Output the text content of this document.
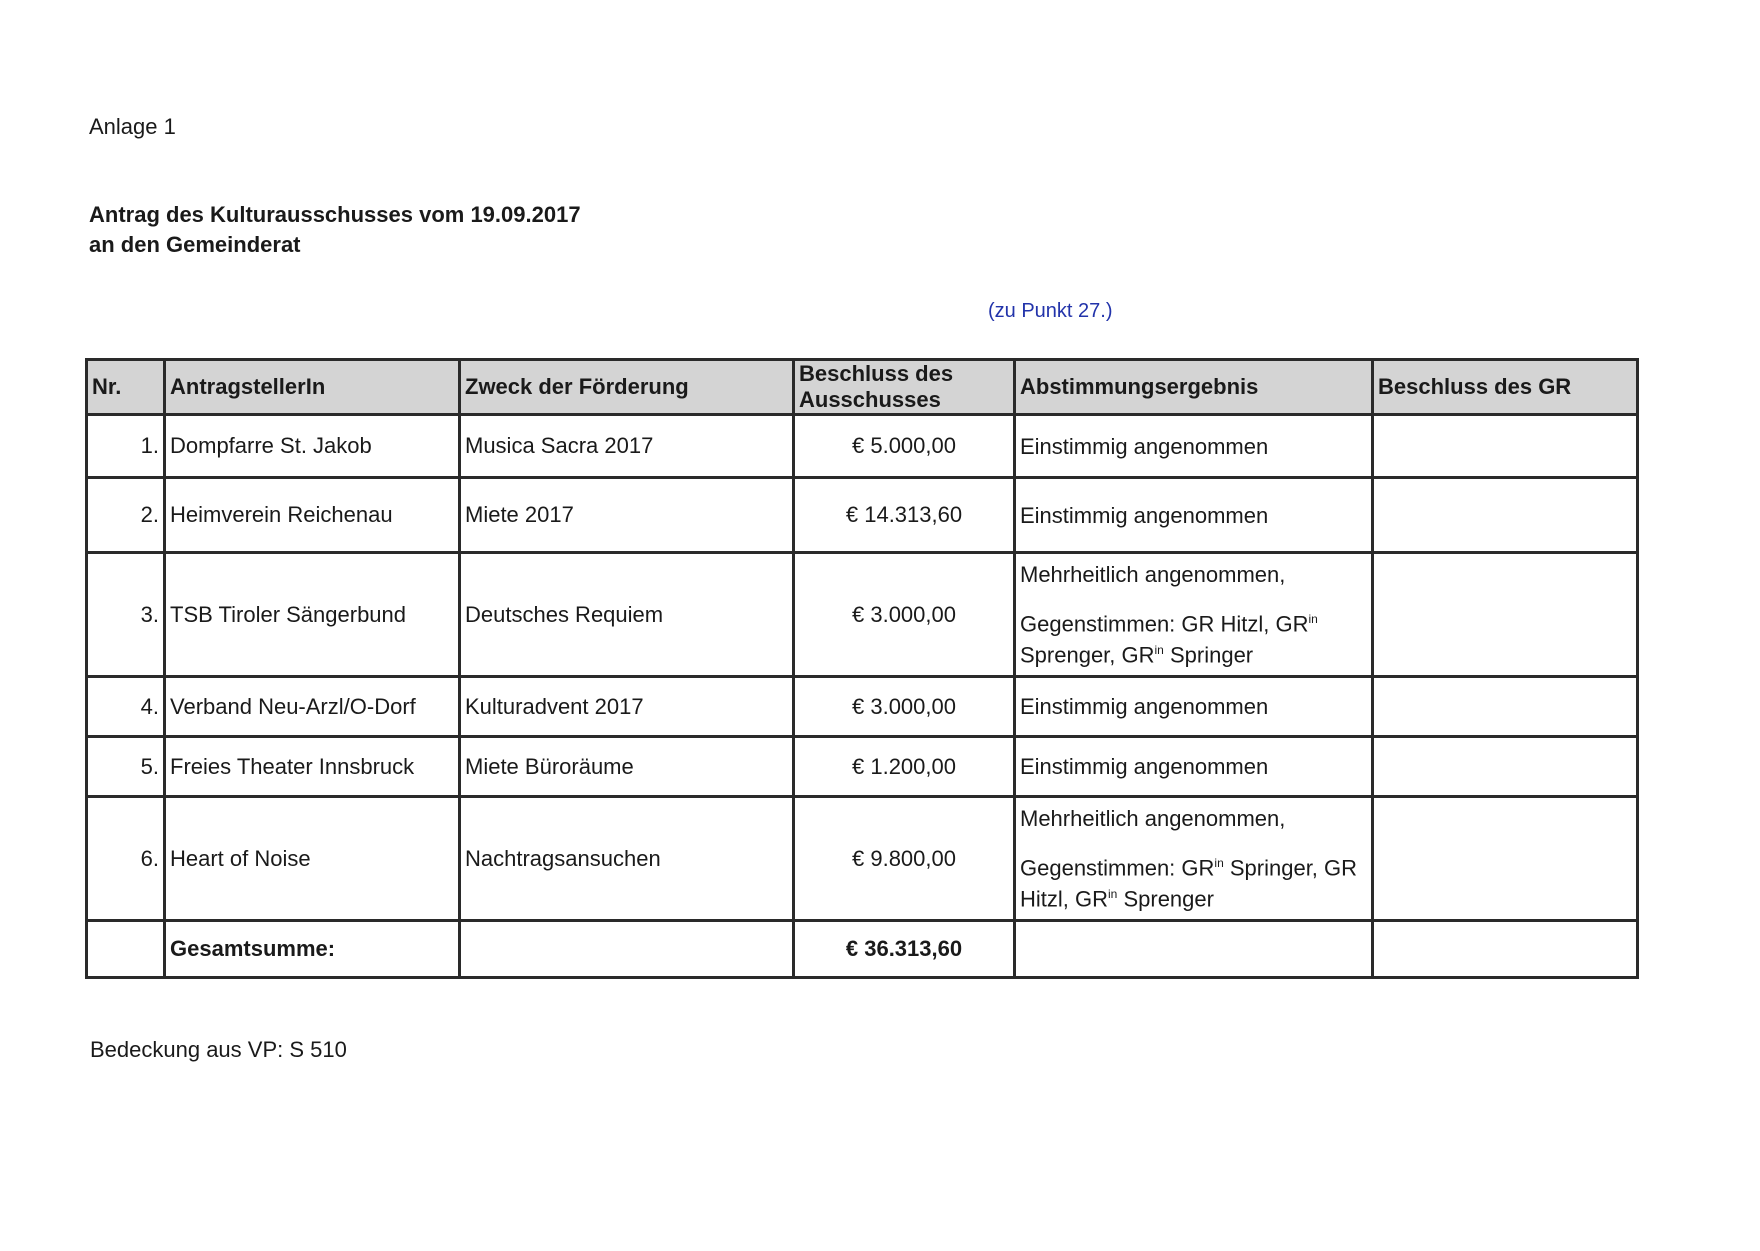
Anlage 1
Antrag des Kulturausschusses vom 19.09.2017
an den Gemeinderat
(zu Punkt 27.)
Nr.	AntragstellerIn	Zweck der Förderung	Beschluss des Ausschusses	Abstimmungsergebnis	Beschluss des GR
1.	Dompfarre St. Jakob	Musica Sacra 2017	€ 5.000,00	Einstimmig angenommen	
2.	Heimverein Reichenau	Miete 2017	€ 14.313,60	Einstimmig angenommen	
3.	TSB Tiroler Sängerbund	Deutsches Requiem	€ 3.000,00	Mehrheitlich angenommen,
Gegenstimmen: GR Hitzl, $GR^{in}$ Sprenger, $GR^{in}$ Springer	

4.	Verband Neu-Arzl/O-Dorf	Kulturadvent 2017	€ 3.000,00	Einstimmig angenommen	
5.	Freies Theater Innsbruck	Miete Büroräume	€ 1.200,00	Einstimmig angenommen	
6.	Heart of Noise	Nachtragsansuchen	€ 9.800,00	Mehrheitlich angenommen,
Gegenstimmen: $GR^{in}$ Springer, GR Hitzl, $GR^{in}$ Sprenger	

	Gesamtsumme:		€ 36.313,60		
Bedeckung aus VP: S 510
